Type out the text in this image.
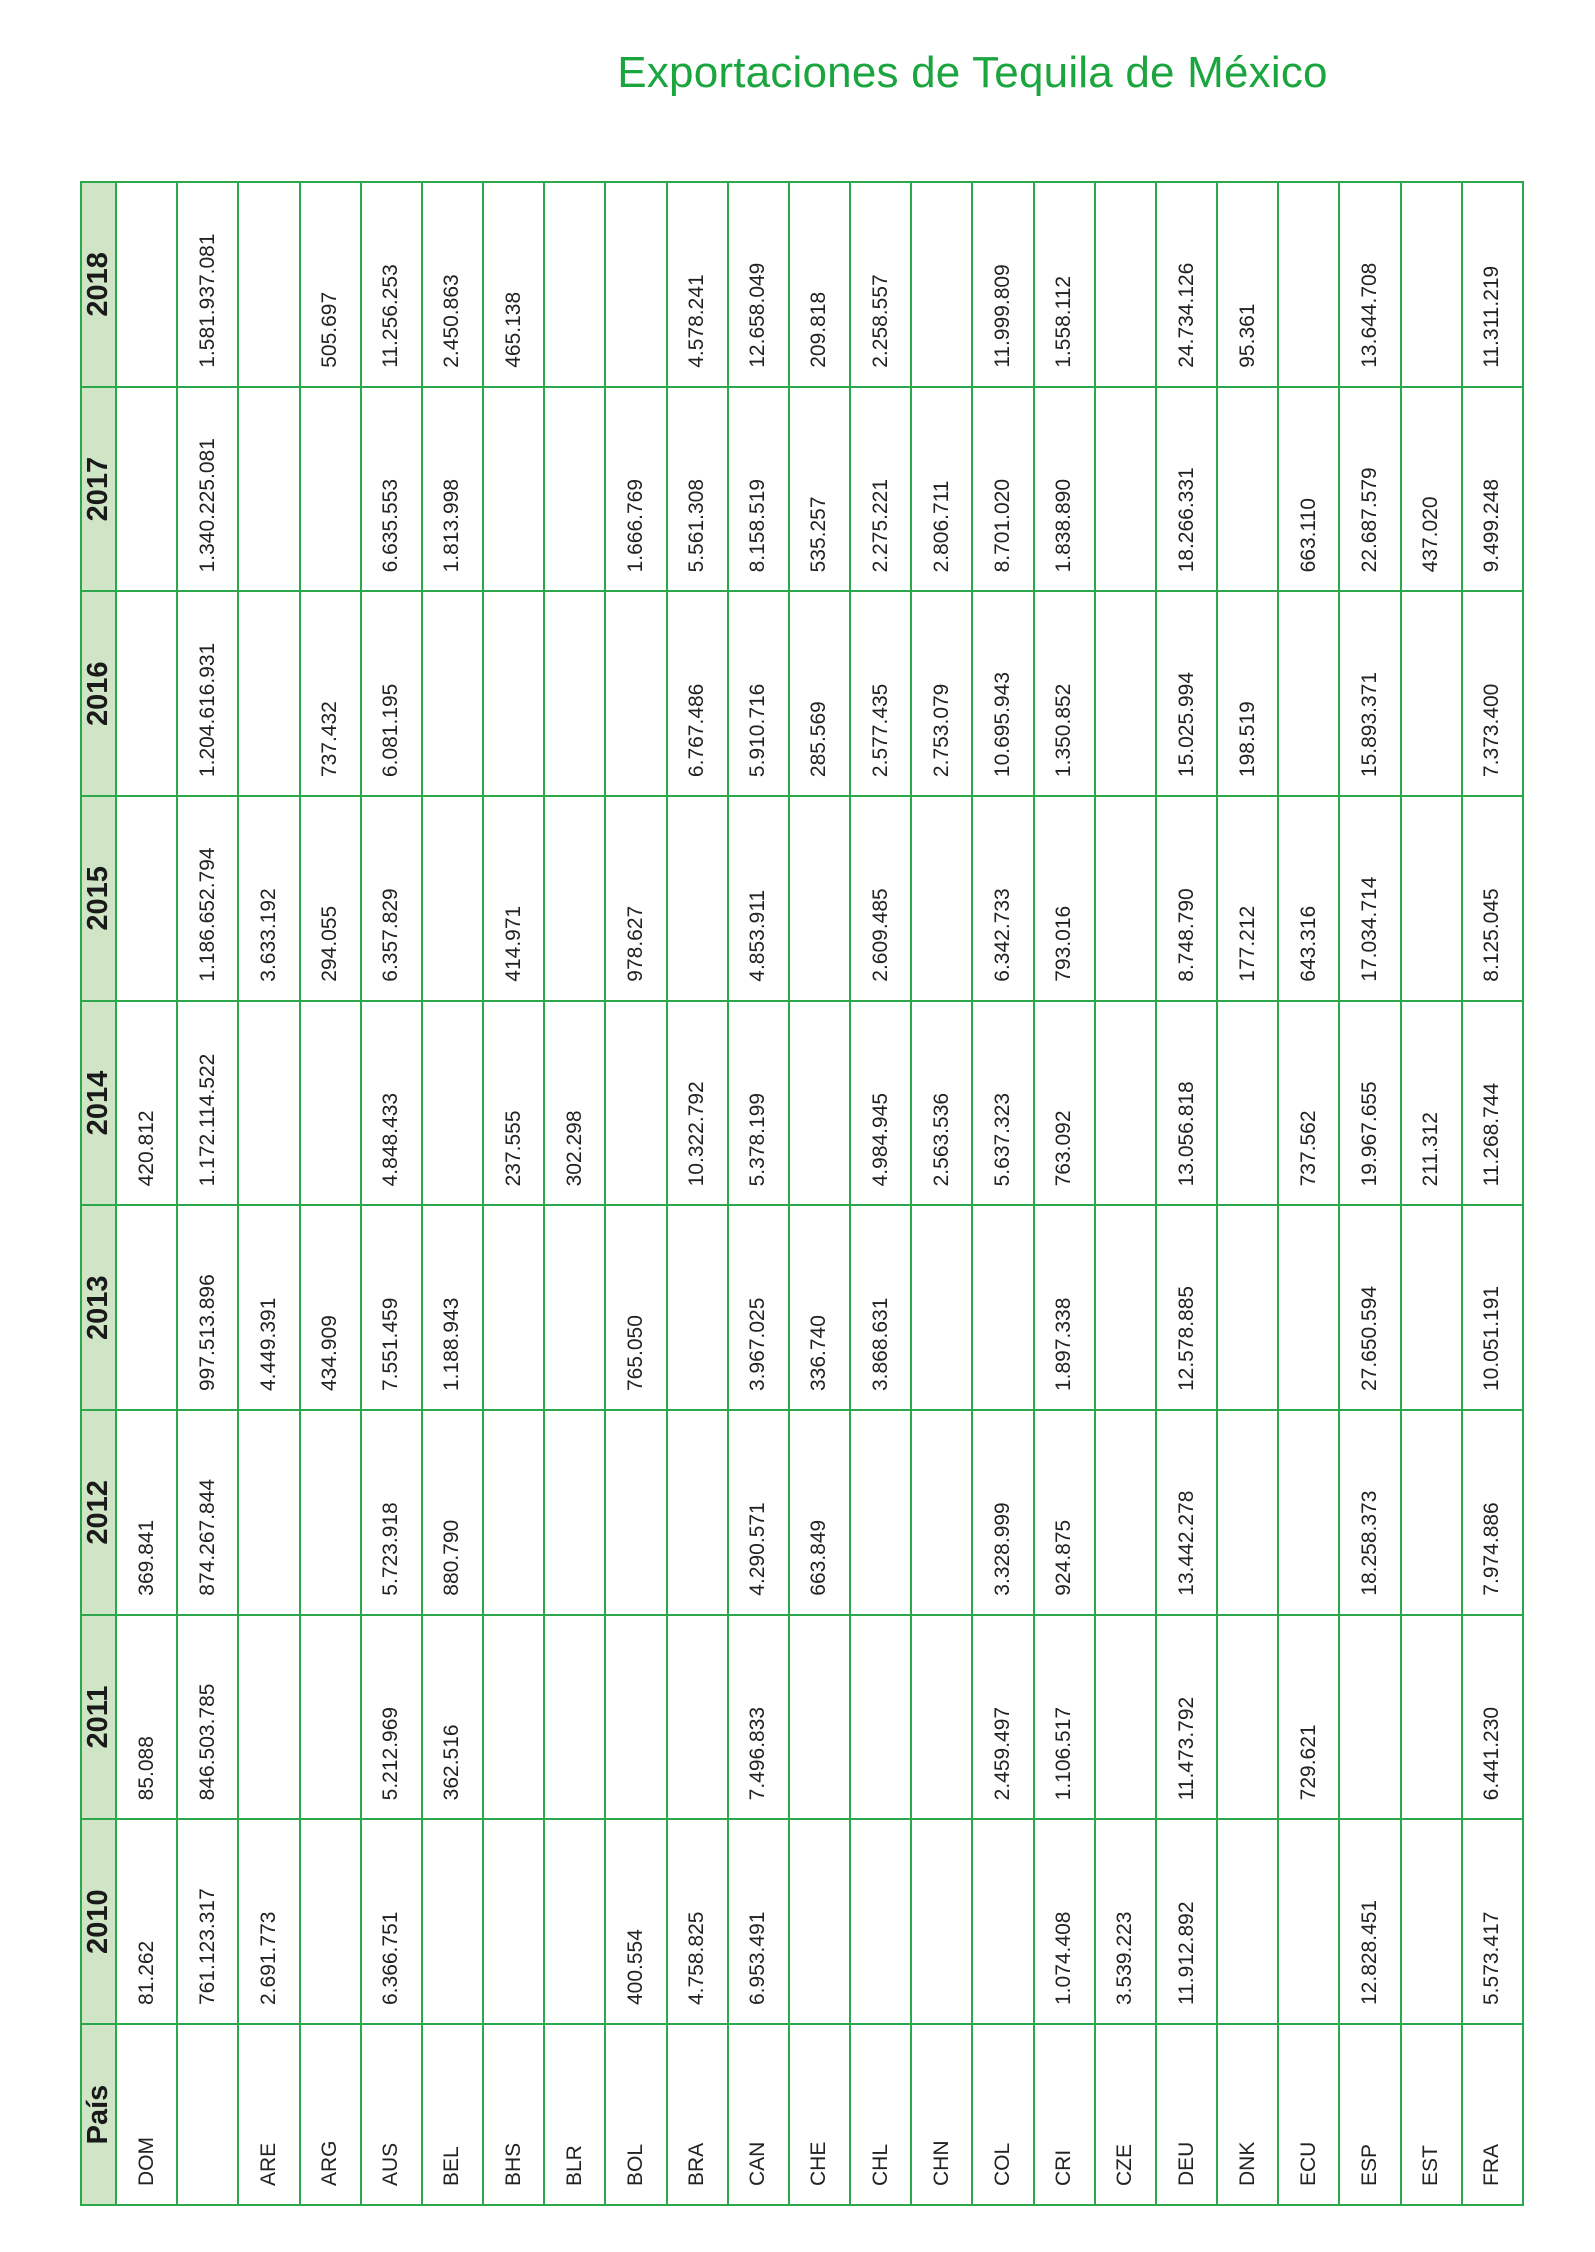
Exportaciones de Tequila de México
País	2010	2011	2012	2013	2014	2015	2016	2017	2018
DOM	81.262	85.088	369.841		420.812				
	761.123.317	846.503.785	874.267.844	997.513.896	1.172.114.522	1.186.652.794	1.204.616.931	1.340.225.081	1.581.937.081
ARE	2.691.773			4.449.391		3.633.192			
ARG				434.909		294.055	737.432		505.697
AUS	6.366.751	5.212.969	5.723.918	7.551.459	4.848.433	6.357.829	6.081.195	6.635.553	11.256.253
BEL		362.516	880.790	1.188.943				1.813.998	2.450.863
BHS					237.555	414.971			465.138
BLR					302.298				
BOL	400.554			765.050		978.627		1.666.769	
BRA	4.758.825				10.322.792		6.767.486	5.561.308	4.578.241
CAN	6.953.491	7.496.833	4.290.571	3.967.025	5.378.199	4.853.911	5.910.716	8.158.519	12.658.049
CHE			663.849	336.740			285.569	535.257	209.818
CHL				3.868.631	4.984.945	2.609.485	2.577.435	2.275.221	2.258.557
CHN					2.563.536		2.753.079	2.806.711	
COL		2.459.497	3.328.999		5.637.323	6.342.733	10.695.943	8.701.020	11.999.809
CRI	1.074.408	1.106.517	924.875	1.897.338	763.092	793.016	1.350.852	1.838.890	1.558.112
CZE	3.539.223								
DEU	11.912.892	11.473.792	13.442.278	12.578.885	13.056.818	8.748.790	15.025.994	18.266.331	24.734.126
DNK						177.212	198.519		95.361
ECU		729.621			737.562	643.316		663.110	
ESP	12.828.451		18.258.373	27.650.594	19.967.655	17.034.714	15.893.371	22.687.579	13.644.708
EST					211.312			437.020	
FRA	5.573.417	6.441.230	7.974.886	10.051.191	11.268.744	8.125.045	7.373.400	9.499.248	11.311.219
